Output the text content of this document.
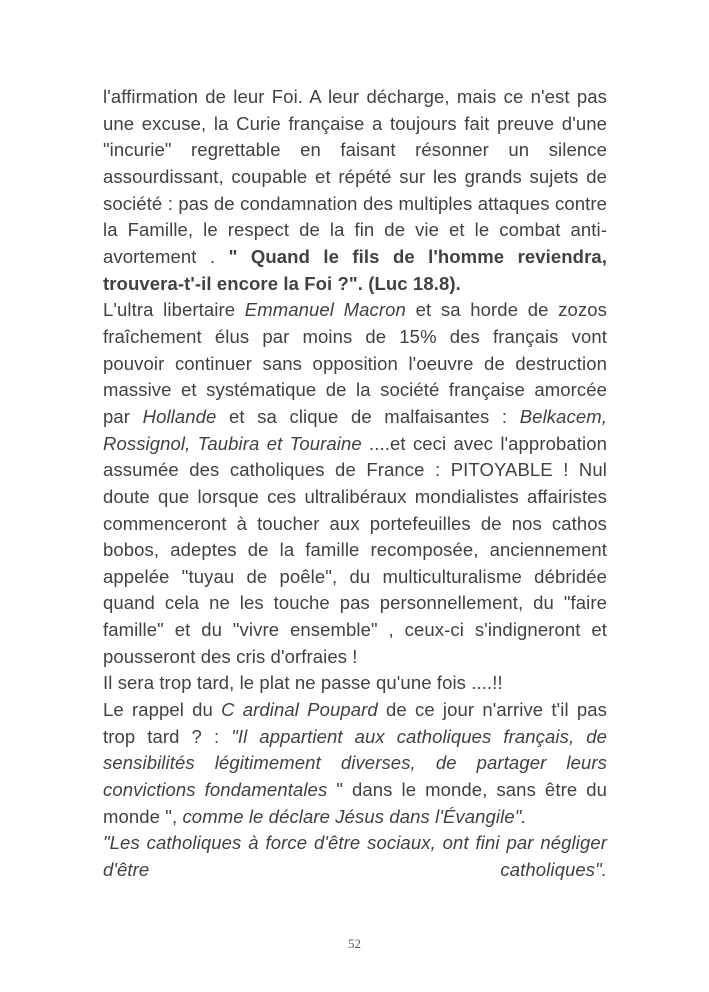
l'affirmation de leur Foi. A leur décharge, mais ce n'est pas une excuse, la Curie française a toujours fait preuve d'une "incurie" regrettable en faisant résonner un silence assourdissant, coupable et répété sur les grands sujets de société : pas de condamnation des multiples attaques contre la Famille, le respect de la fin de vie et le combat anti-avortement . " Quand le fils de l'homme reviendra, trouvera-t'-il encore la Foi ?". (Luc 18.8).

L'ultra libertaire Emmanuel Macron et sa horde de zozos fraîchement élus par moins de 15% des français vont pouvoir continuer sans opposition l'oeuvre de destruction massive et systématique de la société française amorcée par Hollande et sa clique de malfaisantes : Belkacem, Rossignol, Taubira et Touraine ....et ceci avec l'approbation assumée des catholiques de France : PITOYABLE ! Nul doute que lorsque ces ultralibéraux mondialistes affairistes commenceront à toucher aux portefeuilles de nos cathos bobos, adeptes de la famille recomposée, anciennement appelée "tuyau de poêle", du multiculturalisme débridée quand cela ne les touche pas personnellement, du "faire famille" et du "vivre ensemble" , ceux-ci s'indigneront et pousseront des cris d'orfraies !

Il sera trop tard, le plat ne passe qu'une fois ....!!

Le rappel du C ardinal Poupard de ce jour n'arrive t'il pas trop tard ? : "Il appartient aux catholiques français, de sensibilités légitimement diverses, de partager leurs convictions fondamentales " dans le monde, sans être du monde ", comme le déclare Jésus dans l'Évangile".

"Les catholiques à force d'être sociaux, ont fini par négliger d'être catholiques".

52
